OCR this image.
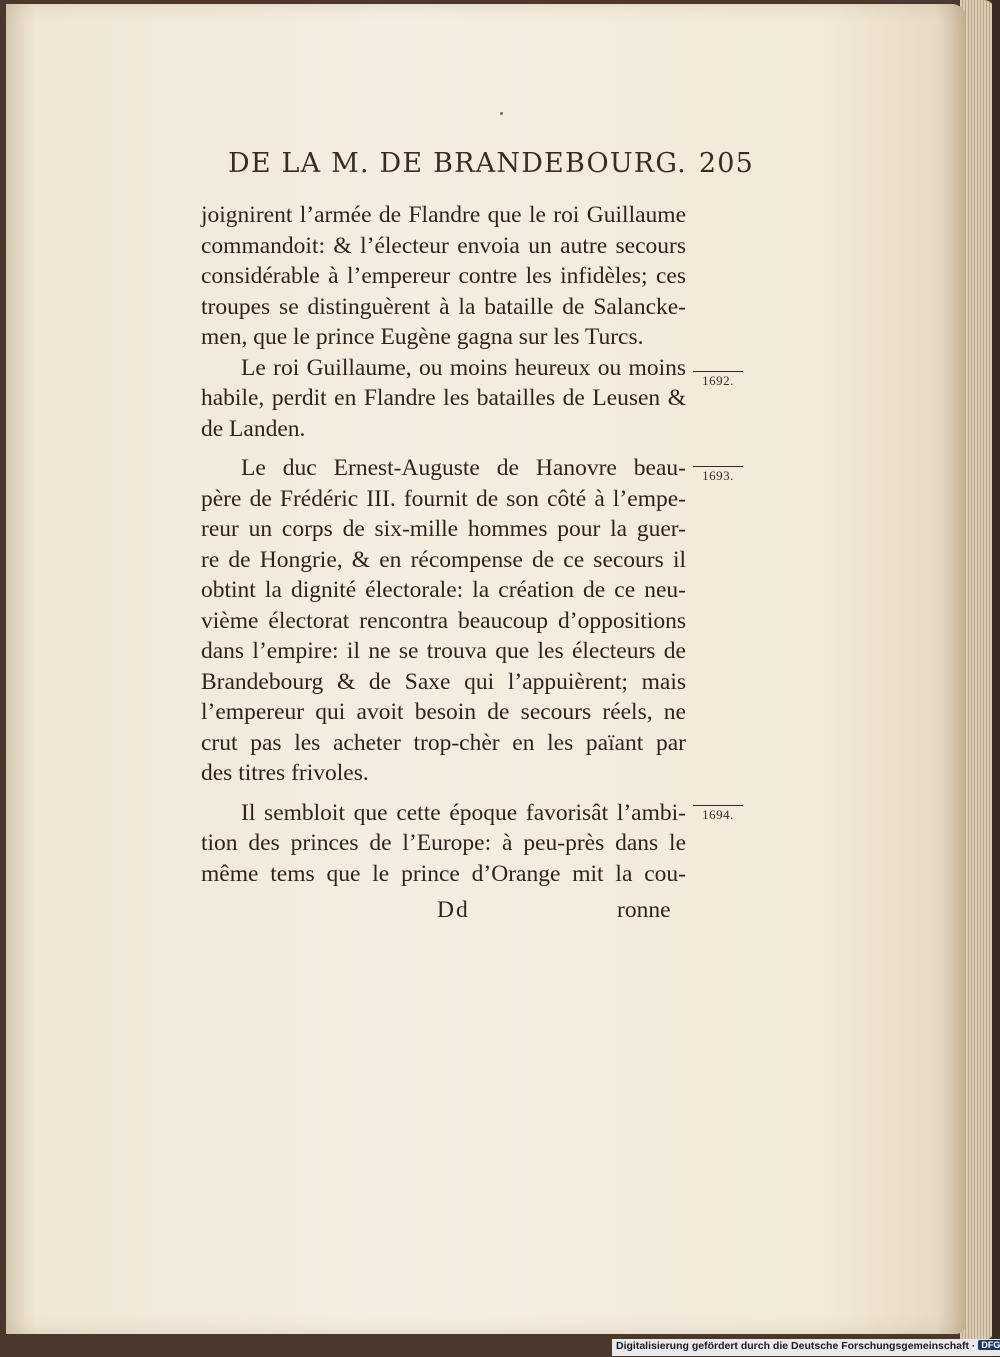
DE LA M. DE BRANDEBOURG. 205
joignirent l’armée de Flandre que le roi Guillaume
commandoit: & l’électeur envoia un autre secours
considérable à l’empereur contre les infidèles; ces
troupes se distinguèrent à la bataille de Salancke-
men, que le prince Eugène gagna sur les Turcs.
Le roi Guillaume, ou moins heureux ou moins
habile, perdit en Flandre les batailles de Leusen &
de Landen.
Le duc Ernest-Auguste de Hanovre beau-
père de Frédéric III. fournit de son côté à l’empe-
reur un corps de six-mille hommes pour la guer-
re de Hongrie, & en récompense de ce secours il
obtint la dignité électorale: la création de ce neu-
vième électorat rencontra beaucoup d’oppositions
dans l’empire: il ne se trouva que les électeurs de
Brandebourg & de Saxe qui l’appuièrent; mais
l’empereur qui avoit besoin de secours réels, ne
crut pas les acheter trop-chèr en les païant par
des titres frivoles.
Il sembloit que cette époque favorisât l’ambi-
tion des princes de l’Europe: à peu-près dans le
même tems que le prince d’Orange mit la cou-
1692.
1693.
1694.
Dd	ronne
Digitalisierung gefördert durch die Deutsche Forschungsgemeinschaft · DFG
